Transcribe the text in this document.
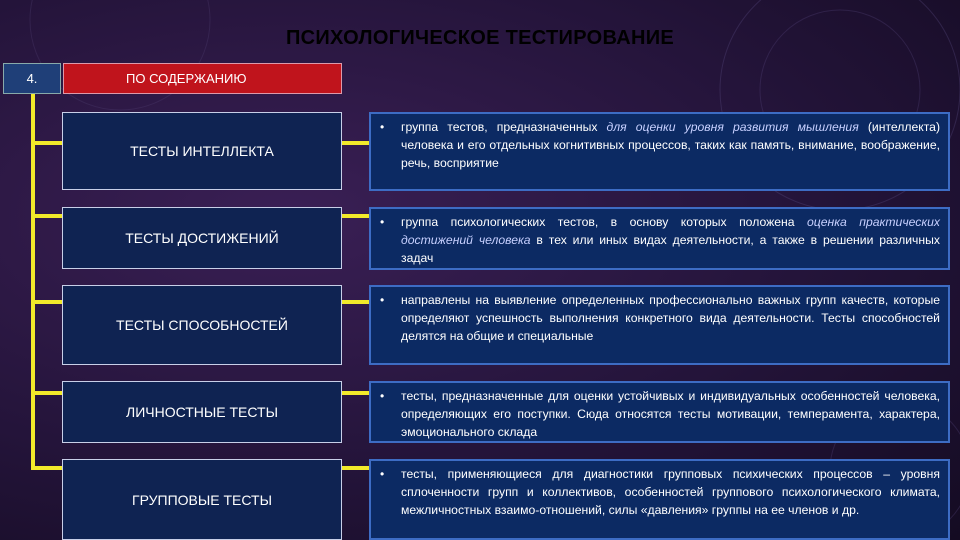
ПСИХОЛОГИЧЕСКОЕ ТЕСТИРОВАНИЕ
4.	ПО СОДЕРЖАНИЮ
ТЕСТЫ ИНТЕЛЛЕКТА
• группа тестов, предназначенных для оценки уровня развития мышления (интеллекта) человека и его отдельных когнитивных процессов, таких как память, внимание, воображение, речь, восприятие
ТЕСТЫ ДОСТИЖЕНИЙ
• группа психологических тестов, в основу которых положена оценка практических достижений человека в тех или иных видах деятельности, а также в решении различных задач
ТЕСТЫ СПОСОБНОСТЕЙ
• направлены на выявление определенных профессионально важных групп качеств, которые определяют успешность выполнения конкретного вида деятельности. Тесты способностей делятся на общие и специальные
ЛИЧНОСТНЫЕ ТЕСТЫ
• тесты, предназначенные для оценки устойчивых и индивидуальных особенностей человека, определяющих его поступки. Сюда относятся тесты мотивации, темперамента, характера, эмоционального склада
ГРУППОВЫЕ ТЕСТЫ
• тесты, применяющиеся для диагностики групповых психических процессов – уровня сплоченности групп и коллективов, особенностей группового психологического климата, межличностных взаимо-отношений, силы «давления» группы на ее членов и др.
